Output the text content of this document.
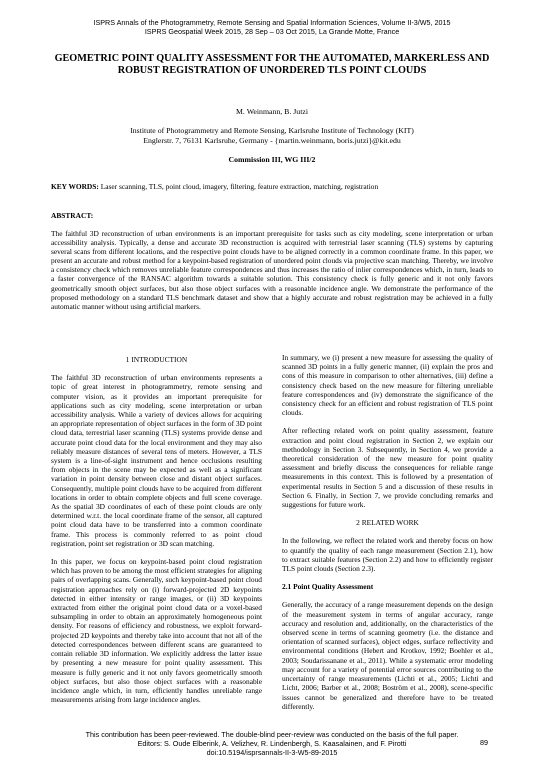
ISPRS Annals of the Photogrammetry, Remote Sensing and Spatial Information Sciences, Volume II-3/W5, 2015
ISPRS Geospatial Week 2015, 28 Sep – 03 Oct 2015, La Grande Motte, France
GEOMETRIC POINT QUALITY ASSESSMENT FOR THE AUTOMATED, MARKERLESS AND ROBUST REGISTRATION OF UNORDERED TLS POINT CLOUDS
M. Weinmann, B. Jutzi
Institute of Photogrammetry and Remote Sensing, Karlsruhe Institute of Technology (KIT)
Englerstr. 7, 76131 Karlsruhe, Germany - {martin.weinmann, boris.jutzi}@kit.edu
Commission III, WG III/2
KEY WORDS: Laser scanning, TLS, point cloud, imagery, filtering, feature extraction, matching, registration
ABSTRACT:
The faithful 3D reconstruction of urban environments is an important prerequisite for tasks such as city modeling, scene interpretation or urban accessibility analysis. Typically, a dense and accurate 3D reconstruction is acquired with terrestrial laser scanning (TLS) systems by capturing several scans from different locations, and the respective point clouds have to be aligned correctly in a common coordinate frame. In this paper, we present an accurate and robust method for a keypoint-based registration of unordered point clouds via projective scan matching. Thereby, we involve a consistency check which removes unreliable feature correspondences and thus increases the ratio of inlier correspondences which, in turn, leads to a faster convergence of the RANSAC algorithm towards a suitable solution. This consistency check is fully generic and it not only favors geometrically smooth object surfaces, but also those object surfaces with a reasonable incidence angle. We demonstrate the performance of the proposed methodology on a standard TLS benchmark dataset and show that a highly accurate and robust registration may be achieved in a fully automatic manner without using artificial markers.
1 INTRODUCTION

The faithful 3D reconstruction of urban environments represents a topic of great interest in photogrammetry, remote sensing and computer vision, as it provides an important prerequisite for applications such as city modeling, scene interpretation or urban accessibility analysis. While a variety of devices allows for acquiring an appropriate representation of object surfaces in the form of 3D point cloud data, terrestrial laser scanning (TLS) systems provide dense and accurate point cloud data for the local environment and they may also reliably measure distances of several tens of meters. However, a TLS system is a line-of-sight instrument and hence occlusions resulting from objects in the scene may be expected as well as a significant variation in point density between close and distant object surfaces. Consequently, multiple point clouds have to be acquired from different locations in order to obtain complete objects and full scene coverage. As the spatial 3D coordinates of each of these point clouds are only determined w.r.t. the local coordinate frame of the sensor, all captured point cloud data have to be transferred into a common coordinate frame. This process is commonly referred to as point cloud registration, point set registration or 3D scan matching.

In this paper, we focus on keypoint-based point cloud registration which has proven to be among the most efficient strategies for aligning pairs of overlapping scans. Generally, such keypoint-based point cloud registration approaches rely on (i) forward-projected 2D keypoints detected in either intensity or range images, or (ii) 3D keypoints extracted from either the original point cloud data or a voxel-based subsampling in order to obtain an approximately homogeneous point density. For reasons of efficiency and robustness, we exploit forward-projected 2D keypoints and thereby take into account that not all of the detected correspondences between different scans are guaranteed to contain reliable 3D information. We explicitly address the latter issue by presenting a new measure for point quality assessment. This measure is fully generic and it not only favors geometrically smooth object surfaces, but also those object surfaces with a reasonable incidence angle which, in turn, efficiently handles unreliable range measurements arising from large incidence angles.

In summary, we (i) present a new measure for assessing the quality of scanned 3D points in a fully generic manner, (ii) explain the pros and cons of this measure in comparison to other alternatives, (iii) define a consistency check based on the new measure for filtering unreliable feature correspondences and (iv) demonstrate the significance of the consistency check for an efficient and robust registration of TLS point clouds.

After reflecting related work on point quality assessment, feature extraction and point cloud registration in Section 2, we explain our methodology in Section 3. Subsequently, in Section 4, we provide a theoretical consideration of the new measure for point quality assessment and briefly discuss the consequences for reliable range measurements in this context. This is followed by a presentation of experimental results in Section 5 and a discussion of these results in Section 6. Finally, in Section 7, we provide concluding remarks and suggestions for future work.

2 RELATED WORK

In the following, we reflect the related work and thereby focus on how to quantify the quality of each range measurement (Section 2.1), how to extract suitable features (Section 2.2) and how to efficiently register TLS point clouds (Section 2.3).

2.1 Point Quality Assessment

Generally, the accuracy of a range measurement depends on the design of the measurement system in terms of angular accuracy, range accuracy and resolution and, additionally, on the characteristics of the observed scene in terms of scanning geometry (i.e. the distance and orientation of scanned surfaces), object edges, surface reflectivity and environmental conditions (Hebert and Krotkov, 1992; Boehler et al., 2003; Soudarissanane et al., 2011). While a systematic error modeling may account for a variety of potential error sources contributing to the uncertainty of range measurements (Lichti et al., 2005; Lichti and Licht, 2006; Barber et al., 2008; Boström et al., 2008), scene-specific issues cannot be generalized and therefore have to be treated differently.

This contribution has been peer-reviewed. The double-blind peer-review was conducted on the basis of the full paper.
Editors: S. Oude Elberink, A. Velizhev, R. Lindenbergh, S. Kaasalainen, and F. Pirotti
doi:10.5194/isprsannals-II-3-W5-89-2015
89
